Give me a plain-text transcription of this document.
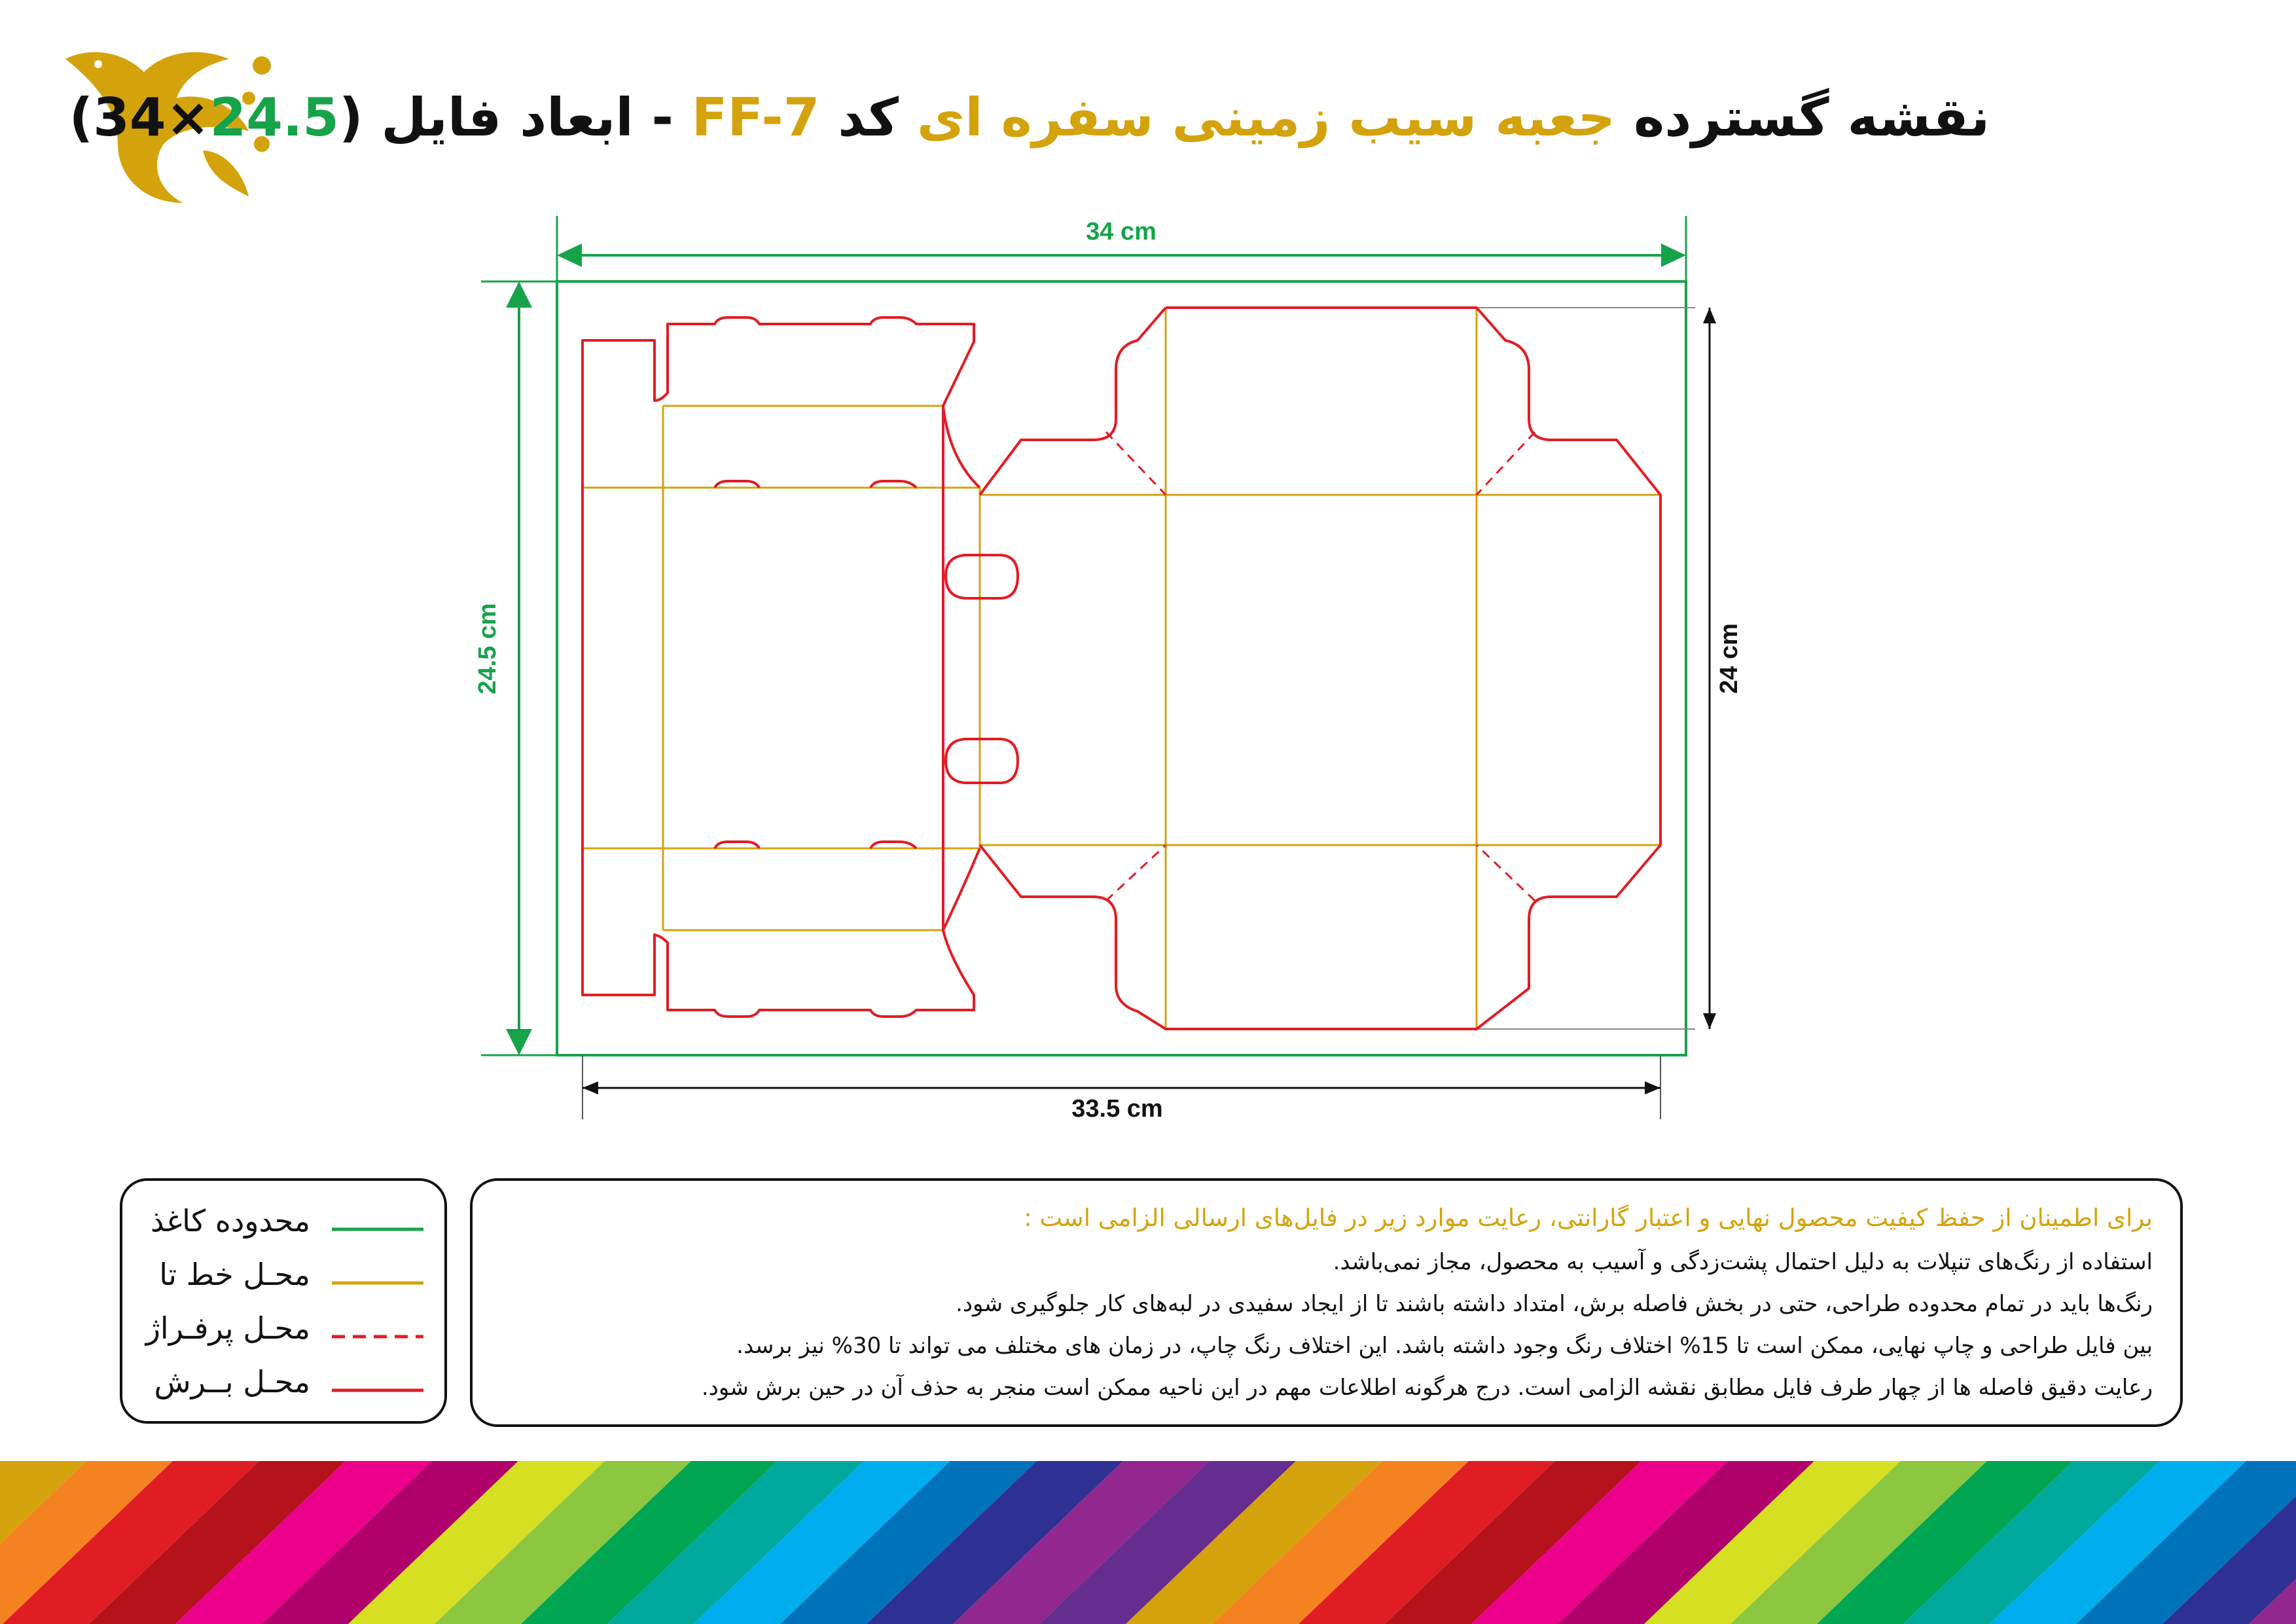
نقشه گسترده جعبه سیب زمینی سفره ای کد FF-7 - ابعاد فایل (24.5×34)
34 cm
24.5 cm
33.5 cm
24 cm
محدوده کاغذ
محـل خط تا
محـل پرفـراژ
محـل بــرش
برای اطمینان از حفظ کیفیت محصول نهایی و اعتبار گارانتی، رعایت موارد زیر در فایل‌های ارسالی الزامی است :
استفاده از رنگ‌های تنپلات به دلیل احتمال پشت‌زدگی و آسیب به محصول، مجاز نمی‌باشد.
رنگ‌ها باید در تمام محدوده طراحی، حتی در بخش فاصله برش، امتداد داشته باشند تا از ایجاد سفیدی در لبه‌های کار جلوگیری شود.
بین فایل طراحی و چاپ نهایی، ممکن است تا 15% اختلاف رنگ وجود داشته باشد. این اختلاف رنگ چاپ، در زمان های مختلف می تواند تا 30% نیز برسد.
رعایت دقیق فاصله ها از چهار طرف فایل مطابق نقشه الزامی است. درج هرگونه اطلاعات مهم در این ناحیه ممکن است منجر به حذف آن در حین برش شود.
